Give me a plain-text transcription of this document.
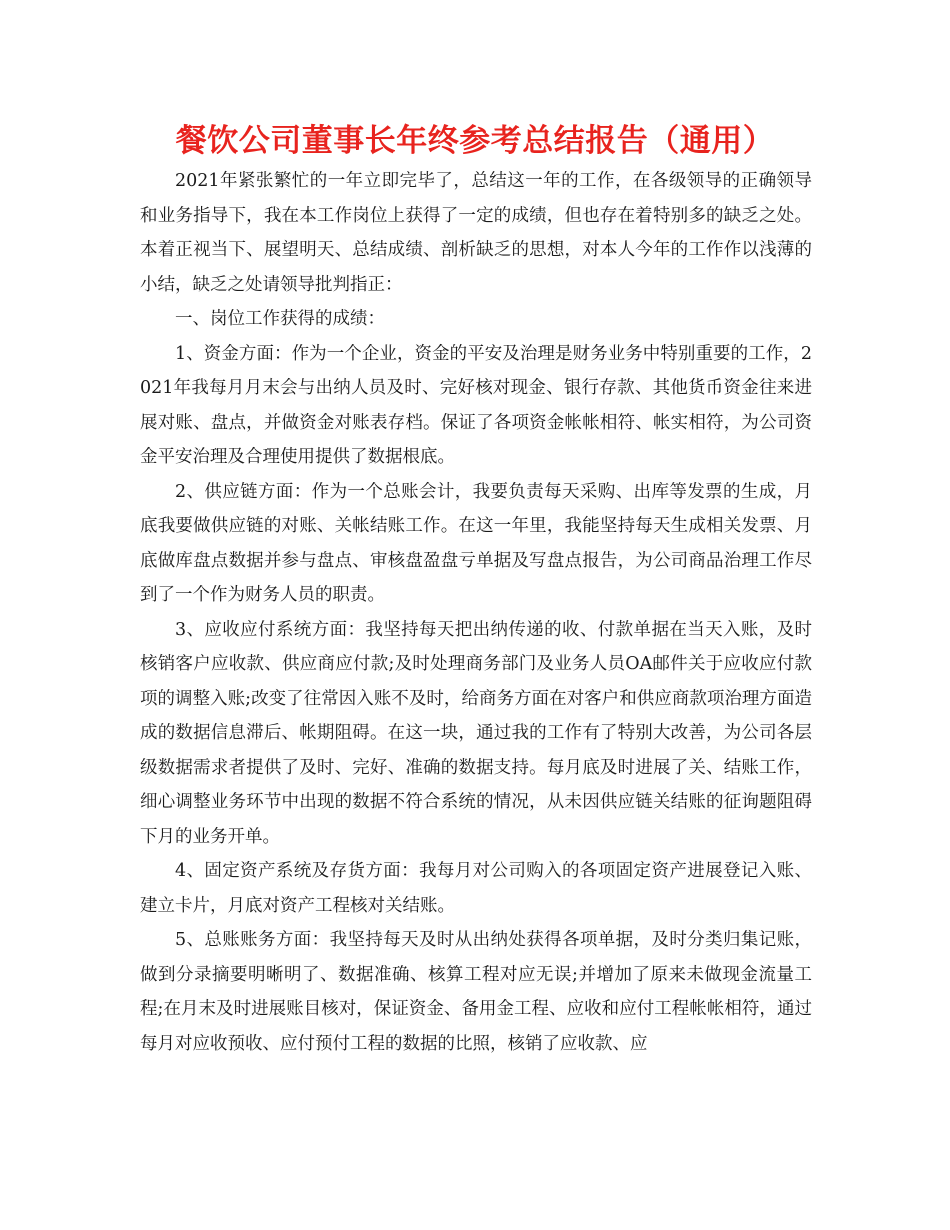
餐饮公司董事长年终参考总结报告（通用）

2021年紧张繁忙的一年立即完毕了，总结这一年的工作，在各级领导的正确领导和业务指导下，我在本工作岗位上获得了一定的成绩，但也存在着特别多的缺乏之处。本着正视当下、展望明天、总结成绩、剖析缺乏的思想，对本人今年的工作作以浅薄的小结，缺乏之处请领导批判指正：

一、岗位工作获得的成绩：

1、资金方面：作为一个企业，资金的平安及治理是财务业务中特别重要的工作，2021年我每月月末会与出纳人员及时、完好核对现金、银行存款、其他货币资金往来进展对账、盘点，并做资金对账表存档。保证了各项资金帐帐相符、帐实相符，为公司资金平安治理及合理使用提供了数据根底。

2、供应链方面：作为一个总账会计，我要负责每天采购、出库等发票的生成，月底我要做供应链的对账、关帐结账工作。在这一年里，我能坚持每天生成相关发票、月底做库盘点数据并参与盘点、审核盘盈盘亏单据及写盘点报告，为公司商品治理工作尽到了一个作为财务人员的职责。

3、应收应付系统方面：我坚持每天把出纳传递的收、付款单据在当天入账，及时核销客户应收款、供应商应付款;及时处理商务部门及业务人员OA邮件关于应收应付款项的调整入账;改变了往常因入账不及时，给商务方面在对客户和供应商款项治理方面造成的数据信息滞后、帐期阻碍。在这一块，通过我的工作有了特别大改善，为公司各层级数据需求者提供了及时、完好、准确的数据支持。每月底及时进展了关、结账工作，细心调整业务环节中出现的数据不符合系统的情况，从未因供应链关结账的征询题阻碍下月的业务开单。

4、固定资产系统及存货方面：我每月对公司购入的各项固定资产进展登记入账、建立卡片，月底对资产工程核对关结账。

5、总账账务方面：我坚持每天及时从出纳处获得各项单据，及时分类归集记账，做到分录摘要明晰明了、数据准确、核算工程对应无误;并增加了原来未做现金流量工程;在月末及时进展账目核对，保证资金、备用金工程、应收和应付工程帐帐相符，通过每月对应收预收、应付预付工程的数据的比照，核销了应收款、应
